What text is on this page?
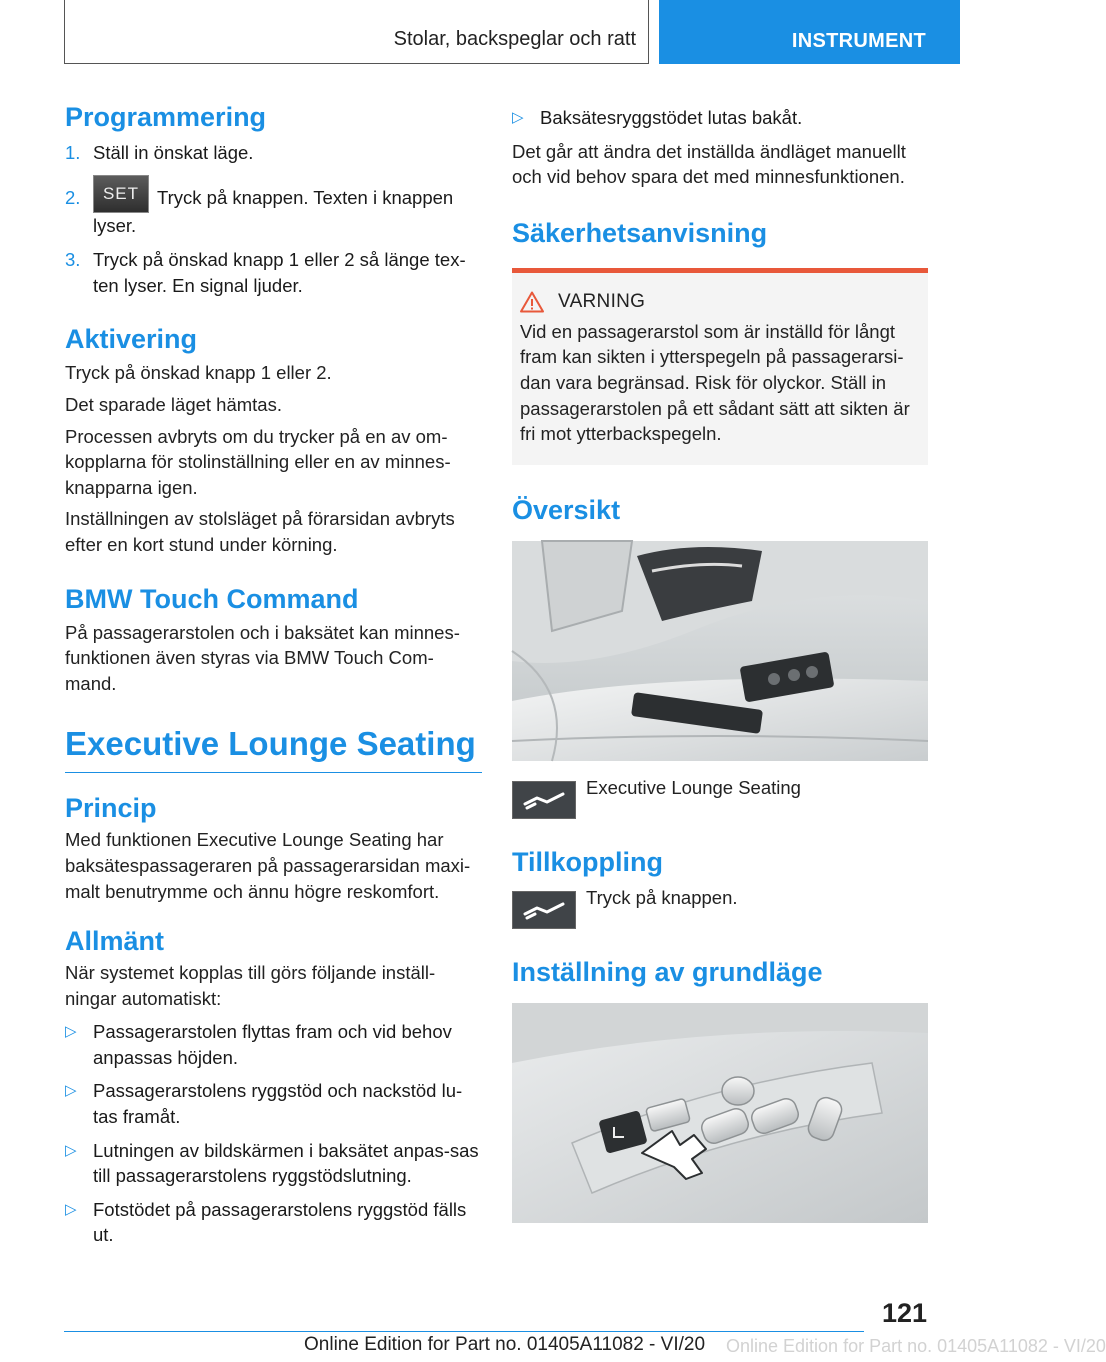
Stolar, backspeglar och ratt	INSTRUMENT
Programmering
1. Ställ in önskat läge.
2. SET Tryck på knappen. Texten i knappen lyser.
3. Tryck på önskad knapp 1 eller 2 så länge tex‐ten lyser. En signal ljuder.
Aktivering
Tryck på önskad knapp 1 eller 2.
Det sparade läget hämtas.
Processen avbryts om du trycker på en av om‐kopplarna för stolinställning eller en av minnes‐knapparna igen.
Inställningen av stolsläget på förarsidan avbryts efter en kort stund under körning.
BMW Touch Command
På passagerarstolen och i baksätet kan minnes‐funktionen även styras via BMW Touch Com‐mand.
Executive Lounge Seating
Princip
Med funktionen Executive Lounge Seating har baksätespassageraren på passagerarsidan maxi‐malt benutrymme och ännu högre reskomfort.
Allmänt
När systemet kopplas till görs följande inställ‐ningar automatiskt:
▷ Passagerarstolen flyttas fram och vid behov anpassas höjden.
▷ Passagerarstolens ryggstöd och nackstöd lu‐tas framåt.
▷ Lutningen av bildskärmen i baksätet anpas‐sas till passagerarstolens ryggstödslutning.
▷ Fotstödet på passagerarstolens ryggstöd fälls ut.
▷ Baksätesryggstödet lutas bakåt.
Det går att ändra det inställda ändläget manuellt och vid behov spara det med minnesfunktionen.
Säkerhetsanvisning
VARNING
Vid en passagerarstol som är inställd för långt fram kan sikten i ytterspegeln på passagerarsi‐dan vara begränsad. Risk för olyckor. Ställ in passagerarstolen på ett sådant sätt att sikten är fri mot ytterbackspegeln.
Översikt
Executive Lounge Seating
Tillkoppling
Tryck på knappen.
Inställning av grundläge
121
Online Edition for Part no. 01405A11082 - VI/20 Online Edition for Part no. 01405A11082 - VI/20
